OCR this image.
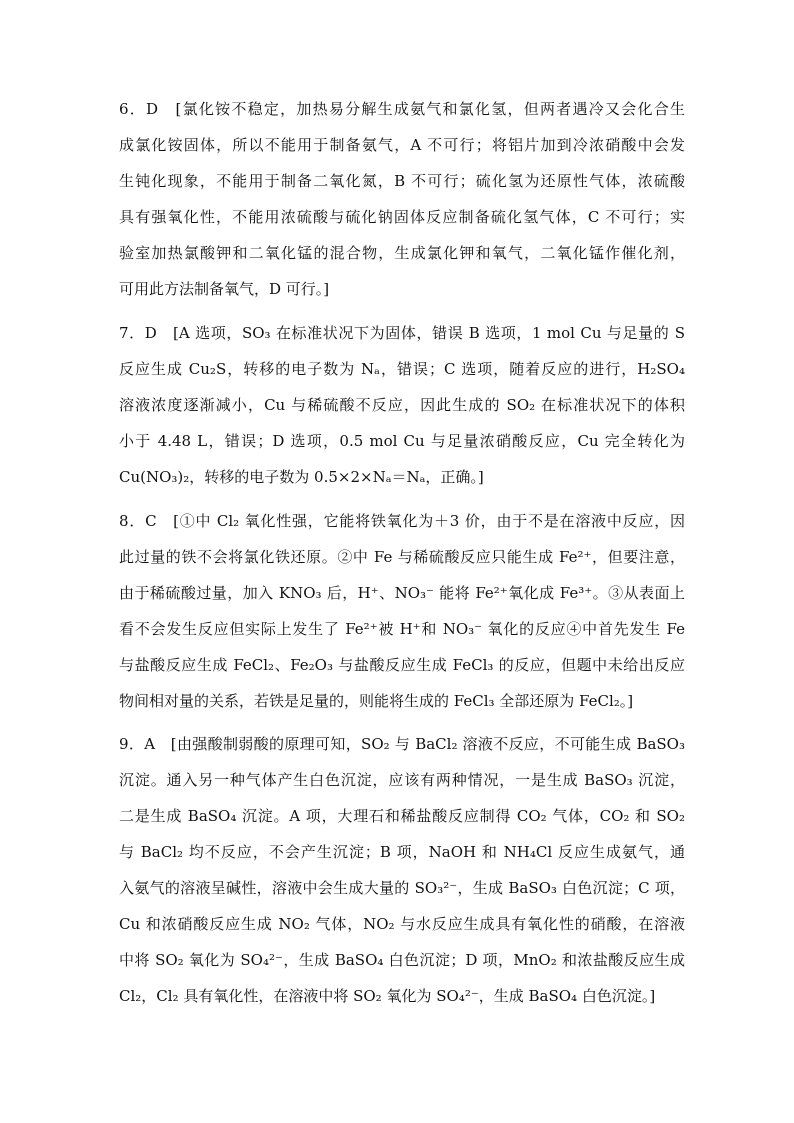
6．D　[氯化铵不稳定，加热易分解生成氨气和氯化氢，但两者遇冷又会化合生
成氯化铵固体，所以不能用于制备氨气，A 不可行；将铝片加到冷浓硝酸中会发
生钝化现象，不能用于制备二氧化氮，B 不可行；硫化氢为还原性气体，浓硫酸
具有强氧化性，不能用浓硫酸与硫化钠固体反应制备硫化氢气体，C 不可行；实
验室加热氯酸钾和二氧化锰的混合物，生成氯化钾和氧气，二氧化锰作催化剂，
可用此方法制备氧气，D 可行。]
7．D　[A 选项，SO₃ 在标准状况下为固体，错误 B 选项，1 mol Cu 与足量的 S
反应生成 Cu₂S，转移的电子数为 Nₐ，错误；C 选项，随着反应的进行，H₂SO₄
溶液浓度逐渐减小，Cu 与稀硫酸不反应，因此生成的 SO₂ 在标准状况下的体积
小于 4.48 L，错误；D 选项，0.5 mol Cu 与足量浓硝酸反应，Cu 完全转化为
Cu(NO₃)₂，转移的电子数为 0.5×2×Nₐ＝Nₐ，正确。]
8．C　[①中 Cl₂ 氧化性强，它能将铁氧化为＋3 价，由于不是在溶液中反应，因
此过量的铁不会将氯化铁还原。②中 Fe 与稀硫酸反应只能生成 Fe²⁺，但要注意，
由于稀硫酸过量，加入 KNO₃ 后，H⁺、NO₃⁻ 能将 Fe²⁺氧化成 Fe³⁺。③从表面上
看不会发生反应但实际上发生了 Fe²⁺被 H⁺和 NO₃⁻ 氧化的反应④中首先发生 Fe
与盐酸反应生成 FeCl₂、Fe₂O₃ 与盐酸反应生成 FeCl₃ 的反应，但题中未给出反应
物间相对量的关系，若铁是足量的，则能将生成的 FeCl₃ 全部还原为 FeCl₂。]
9．A　[由强酸制弱酸的原理可知，SO₂ 与 BaCl₂ 溶液不反应，不可能生成 BaSO₃
沉淀。通入另一种气体产生白色沉淀，应该有两种情况，一是生成 BaSO₃ 沉淀，
二是生成 BaSO₄ 沉淀。A 项，大理石和稀盐酸反应制得 CO₂ 气体，CO₂ 和 SO₂
与 BaCl₂ 均不反应，不会产生沉淀；B 项，NaOH 和 NH₄Cl 反应生成氨气，通
入氨气的溶液呈碱性，溶液中会生成大量的 SO₃²⁻，生成 BaSO₃ 白色沉淀；C 项，
Cu 和浓硝酸反应生成 NO₂ 气体，NO₂ 与水反应生成具有氧化性的硝酸，在溶液
中将 SO₂ 氧化为 SO₄²⁻，生成 BaSO₄ 白色沉淀；D 项，MnO₂ 和浓盐酸反应生成
Cl₂，Cl₂ 具有氧化性，在溶液中将 SO₂ 氧化为 SO₄²⁻，生成 BaSO₄ 白色沉淀。]
